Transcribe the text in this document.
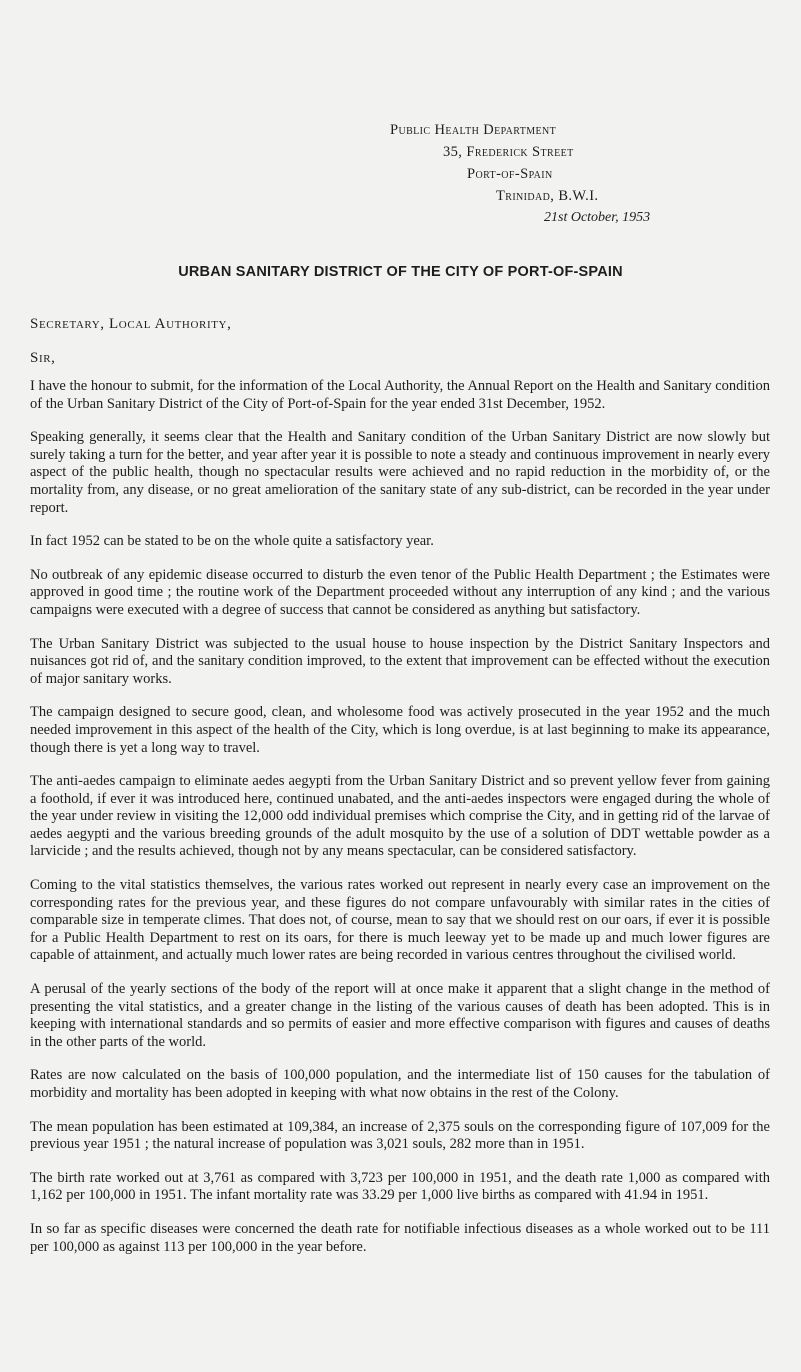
Public Health Department
35, Frederick Street
Port-of-Spain
Trinidad, B.W.I.
21st October, 1953
URBAN SANITARY DISTRICT OF THE CITY OF PORT-OF-SPAIN
Secretary, Local Authority,
Sir,

I have the honour to submit, for the information of the Local Authority, the Annual Report on the Health and Sanitary condition of the Urban Sanitary District of the City of Port-of-Spain for the year ended 31st December, 1952.

Speaking generally, it seems clear that the Health and Sanitary condition of the Urban Sanitary District are now slowly but surely taking a turn for the better, and year after year it is possible to note a steady and continuous improvement in nearly every aspect of the public health, though no spectacular results were achieved and no rapid reduction in the morbidity of, or the mortality from, any disease, or no great amelioration of the sanitary state of any sub-district, can be recorded in the year under report.

In fact 1952 can be stated to be on the whole quite a satisfactory year.

No outbreak of any epidemic disease occurred to disturb the even tenor of the Public Health Department ; the Estimates were approved in good time ; the routine work of the Department proceeded without any interruption of any kind ; and the various campaigns were executed with a degree of success that cannot be considered as anything but satisfactory.

The Urban Sanitary District was subjected to the usual house to house inspection by the District Sanitary Inspectors and nuisances got rid of, and the sanitary condition improved, to the extent that improvement can be effected without the execution of major sanitary works.

The campaign designed to secure good, clean, and wholesome food was actively prosecuted in the year 1952 and the much needed improvement in this aspect of the health of the City, which is long overdue, is at last beginning to make its appearance, though there is yet a long way to travel.

The anti-aedes campaign to eliminate aedes aegypti from the Urban Sanitary District and so prevent yellow fever from gaining a foothold, if ever it was introduced here, continued unabated, and the anti-aedes inspectors were engaged during the whole of the year under review in visiting the 12,000 odd individual premises which comprise the City, and in getting rid of the larvae of aedes aegypti and the various breeding grounds of the adult mosquito by the use of a solution of DDT wettable powder as a larvicide ; and the results achieved, though not by any means spectacular, can be considered satisfactory.

Coming to the vital statistics themselves, the various rates worked out represent in nearly every case an improvement on the corresponding rates for the previous year, and these figures do not compare unfavourably with similar rates in the cities of comparable size in temperate climes. That does not, of course, mean to say that we should rest on our oars, if ever it is possible for a Public Health Department to rest on its oars, for there is much leeway yet to be made up and much lower figures are capable of attainment, and actually much lower rates are being recorded in various centres throughout the civilised world.

A perusal of the yearly sections of the body of the report will at once make it apparent that a slight change in the method of presenting the vital statistics, and a greater change in the listing of the various causes of death has been adopted. This is in keeping with international standards and so permits of easier and more effective comparison with figures and causes of deaths in the other parts of the world.

Rates are now calculated on the basis of 100,000 population, and the intermediate list of 150 causes for the tabulation of morbidity and mortality has been adopted in keeping with what now obtains in the rest of the Colony.

The mean population has been estimated at 109,384, an increase of 2,375 souls on the corresponding figure of 107,009 for the previous year 1951 ; the natural increase of population was 3,021 souls, 282 more than in 1951.

The birth rate worked out at 3,761 as compared with 3,723 per 100,000 in 1951, and the death rate 1,000 as compared with 1,162 per 100,000 in 1951. The infant mortality rate was 33.29 per 1,000 live births as compared with 41.94 in 1951.

In so far as specific diseases were concerned the death rate for notifiable infectious diseases as a whole worked out to be 111 per 100,000 as against 113 per 100,000 in the year before.
